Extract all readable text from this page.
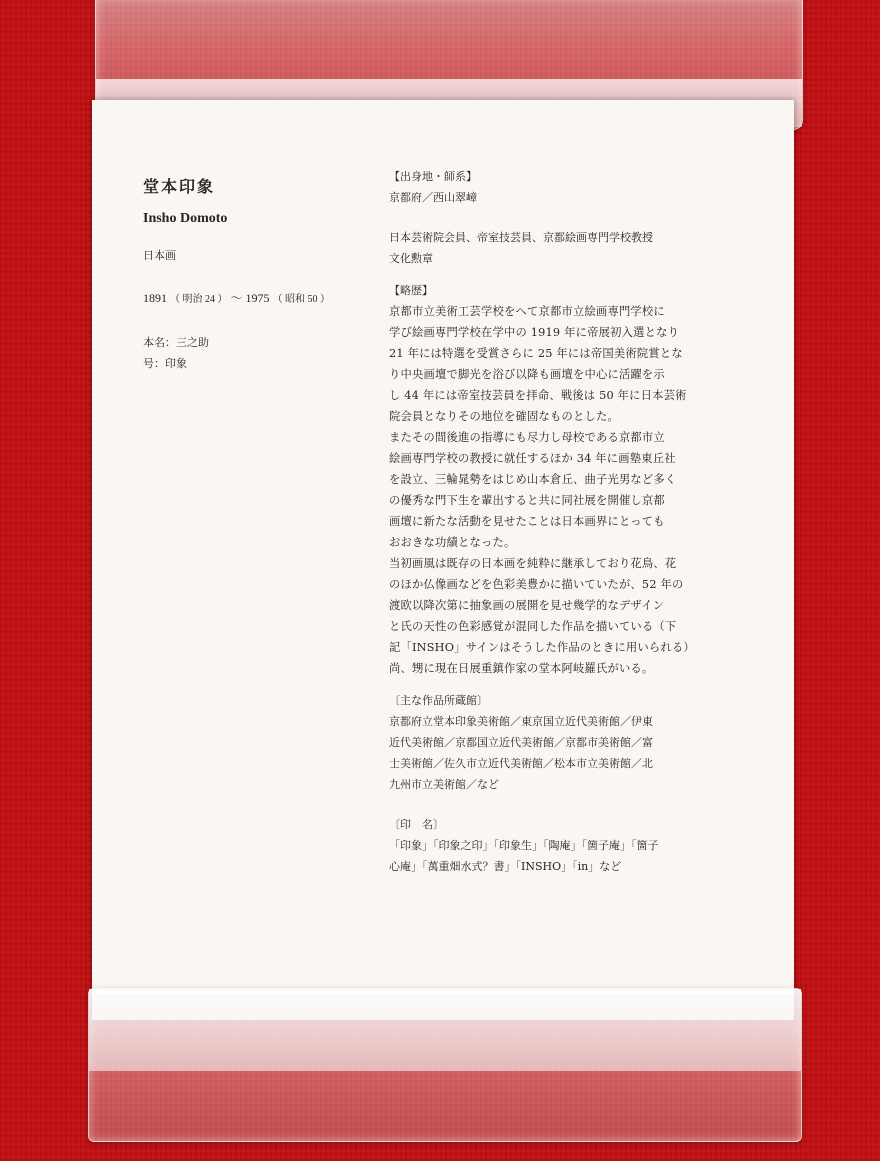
堂本印象
Insho Domoto
日本画
1891 （ 明治 24 ） 〜 1975 （ 昭和 50 ）
本名：三之助
号：印象

【出身地・師系】

京都府／西山翠嶂

日本芸術院会員、帝室技芸員、京都絵画専門学校教授

文化勲章

【略歴】

京都市立美術工芸学校をへて京都市立絵画専門学校に

学び絵画専門学校在学中の 1919 年に帝展初入選となり

21 年には特選を受賞さらに 25 年には帝国美術院賞とな

り中央画壇で脚光を浴び以降も画壇を中心に活躍を示

し 44 年には帝室技芸員を拝命、戦後は 50 年に日本芸術

院会員となりその地位を確固なものとした。

またその間後進の指導にも尽力し母校である京都市立

絵画専門学校の教授に就任するほか 34 年に画塾東丘社

を設立、三輪晁勢をはじめ山本倉丘、曲子光男など多く

の優秀な門下生を輩出すると共に同社展を開催し京都

画壇に新たな活動を見せたことは日本画界にとっても

おおきな功績となった。

当初画風は既存の日本画を純粋に継承しており花鳥、花

のほか仏像画などを色彩美豊かに描いていたが、52 年の

渡欧以降次第に抽象画の展開を見せ幾学的なデザイン

と氏の天性の色彩感覚が混同した作品を描いている（下

記「INSHO」サインはそうした作品のときに用いられる）

尚、甥に現在日展重鎮作家の堂本阿岐羅氏がいる。

〔主な作品所蔵館〕

京都府立堂本印象美術館／東京国立近代美術館／伊東

近代美術館／京都国立近代美術館／京都市美術館／富

士美術館／佐久市立近代美術館／松本市立美術館／北

九州市立美術館／など

〔印　名〕

「印象」「印象之印」「印象生」「陶庵」「箇子庵」「箇子

心庵」「萬重畑水式？書」「INSHO」「in」など
